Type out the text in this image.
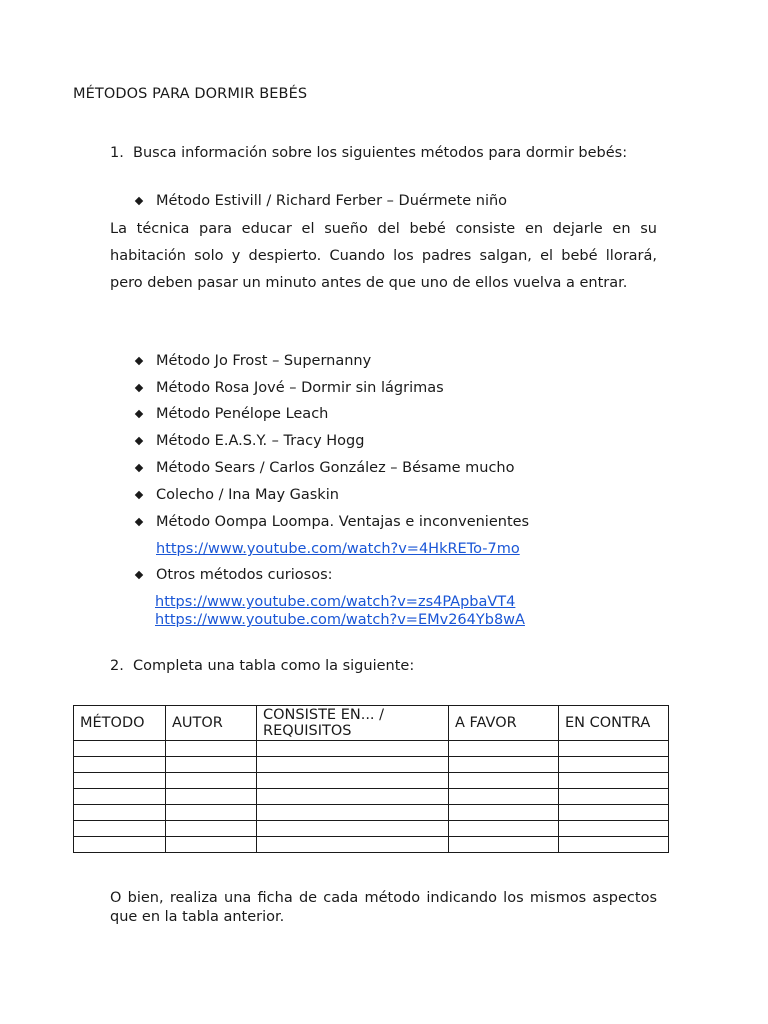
MÉTODOS PARA DORMIR BEBÉS
1. Busca información sobre los siguientes métodos para dormir bebés:
Método Estivill / Richard Ferber – Duérmete niño
La técnica para educar el sueño del bebé consiste en dejarle en su habitación solo y despierto. Cuando los padres salgan, el bebé llorará, pero deben pasar un minuto antes de que uno de ellos vuelva a entrar.
Método Jo Frost – Supernanny
Método Rosa Jové – Dormir sin lágrimas
Método Penélope Leach
Método E.A.S.Y. – Tracy Hogg
Método Sears / Carlos González – Bésame mucho
Colecho / Ina May Gaskin
Método Oompa Loompa. Ventajas e inconvenientes
https://www.youtube.com/watch?v=4HkRETo-7mo
Otros métodos curiosos:
https://www.youtube.com/watch?v=zs4PApbaVT4
https://www.youtube.com/watch?v=EMv264Yb8wA
2. Completa una tabla como la siguiente:
MÉTODO	AUTOR	CONSISTE EN... / REQUISITOS	A FAVOR	EN CONTRA

O bien, realiza una ficha de cada método indicando los mismos aspectos que en la tabla anterior.
